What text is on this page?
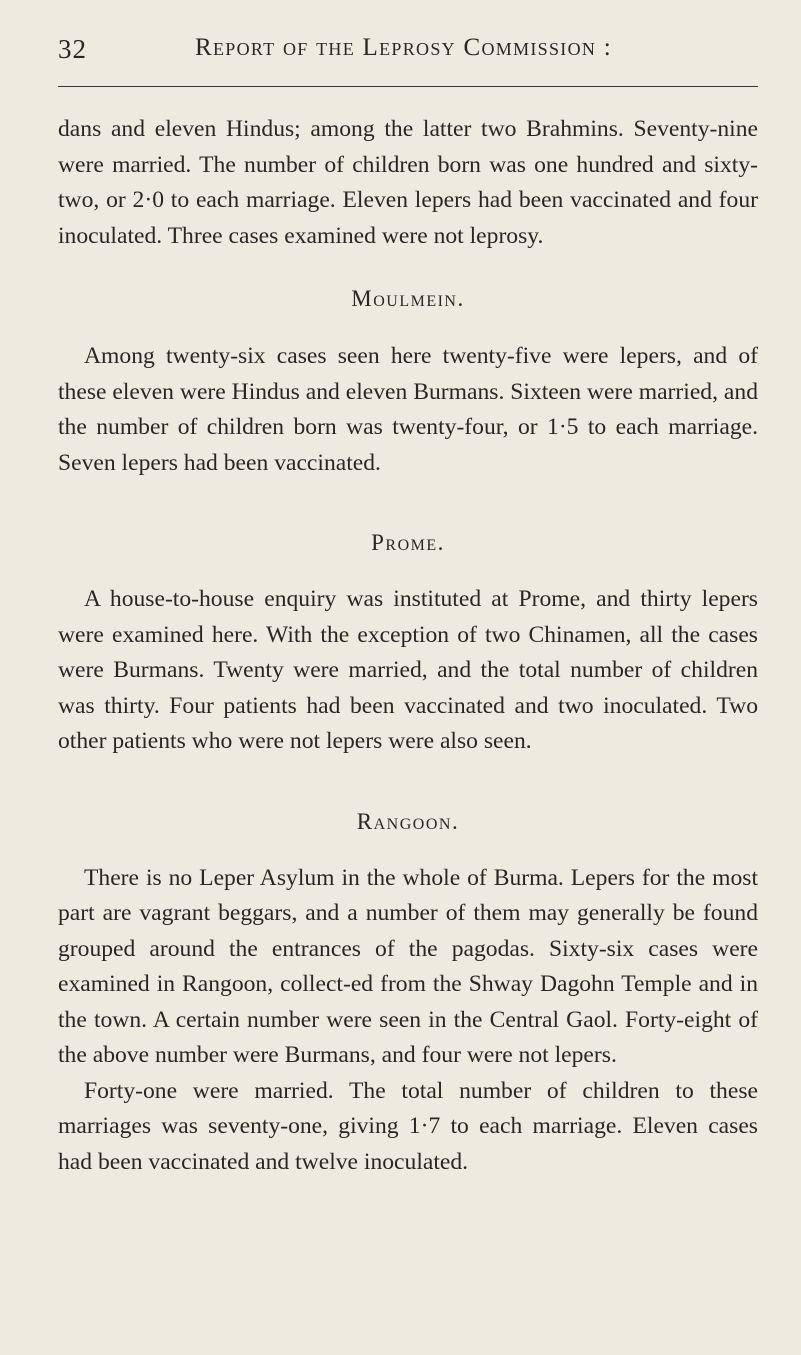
32	Report of the Leprosy Commission :

dans and eleven Hindus; among the latter two Brahmins. Seventy-nine were married. The number of children born was one hundred and sixty-two, or 2·0 to each marriage. Eleven lepers had been vaccinated and four inoculated. Three cases examined were not leprosy.

Moulmein.

Among twenty-six cases seen here twenty-five were lepers, and of these eleven were Hindus and eleven Burmans. Sixteen were married, and the number of children born was twenty-four, or 1·5 to each marriage. Seven lepers had been vaccinated.

Prome.

A house-to-house enquiry was instituted at Prome, and thirty lepers were examined here. With the exception of two Chinamen, all the cases were Burmans. Twenty were married, and the total number of children was thirty. Four patients had been vaccinated and two inoculated. Two other patients who were not lepers were also seen.

Rangoon.

There is no Leper Asylum in the whole of Burma. Lepers for the most part are vagrant beggars, and a number of them may generally be found grouped around the entrances of the pagodas. Sixty-six cases were examined in Rangoon, collect-ed from the Shway Dagohn Temple and in the town. A certain number were seen in the Central Gaol. Forty-eight of the above number were Burmans, and four were not lepers.

Forty-one were married. The total number of children to these marriages was seventy-one, giving 1·7 to each marriage. Eleven cases had been vaccinated and twelve inoculated.
